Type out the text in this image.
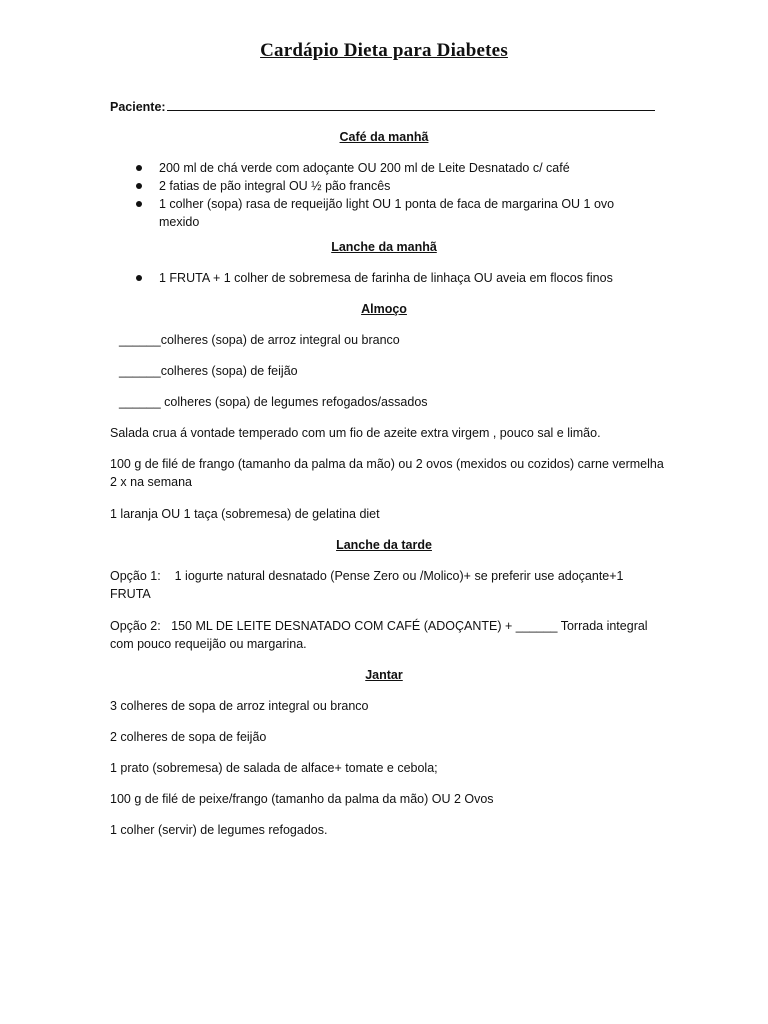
Cardápio Dieta para Diabetes
Paciente:
Café da manhã
200 ml de chá verde com adoçante OU 200 ml de Leite Desnatado c/ café
2 fatias de pão integral OU ½ pão francês
1 colher (sopa) rasa de requeijão light OU 1 ponta de faca de margarina OU 1 ovo mexido
Lanche da manhã
1 FRUTA + 1 colher de sobremesa de farinha de linhaça OU aveia em flocos finos
Almoço
______colheres (sopa) de arroz integral ou branco
______colheres (sopa) de feijão
______ colheres (sopa) de legumes refogados/assados

Salada crua á vontade temperado com um fio de azeite extra virgem , pouco sal e limão.

100 g de filé de frango (tamanho da palma da mão) ou 2 ovos (mexidos ou cozidos) carne vermelha 2 x na semana

1 laranja OU 1 taça (sobremesa) de gelatina diet

Lanche da tarde

Opção 1:    1 iogurte natural desnatado (Pense Zero ou /Molico)+ se preferir use adoçante+1 FRUTA

Opção 2:   150 ML DE LEITE DESNATADO COM CAFÉ (ADOÇANTE) + ______ Torrada integral com pouco requeijão ou margarina.

Jantar

3 colheres de sopa de arroz integral ou branco

2 colheres de sopa de feijão

1 prato (sobremesa) de salada de alface+ tomate e cebola;

100 g de filé de peixe/frango (tamanho da palma da mão) OU 2 Ovos

1 colher (servir) de legumes refogados.
